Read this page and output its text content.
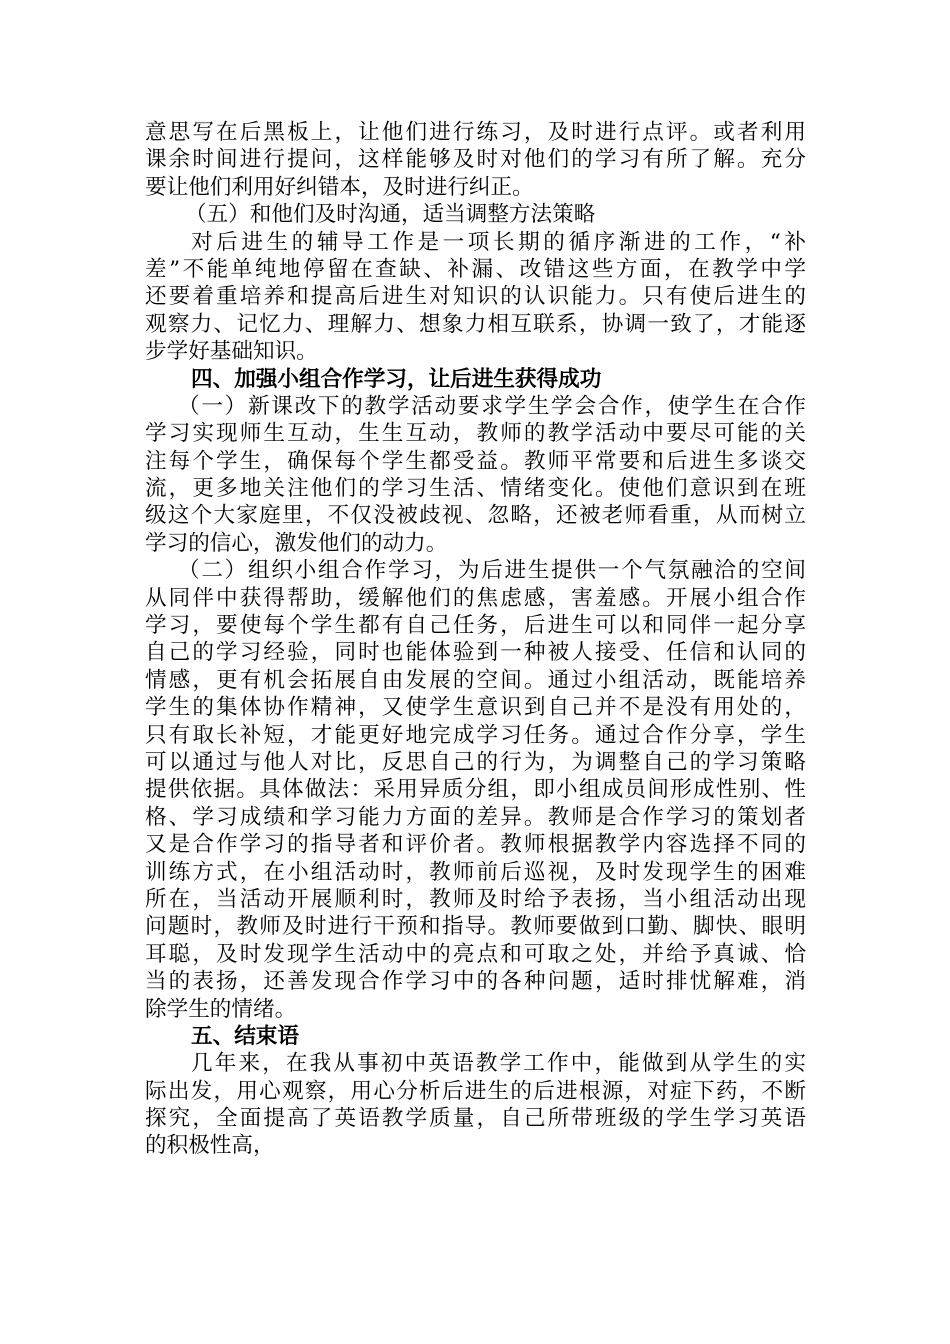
意思写在后黑板上，让他们进行练习，及时进行点评。或者利用
课余时间进行提问，这样能够及时对他们的学习有所了解。充分
要让他们利用好纠错本，及时进行纠正。
（五）和他们及时沟通，适当调整方法策略
对后进生的辅导工作是一项长期的循序渐进的工作，“补
差”不能单纯地停留在查缺、补漏、改错这些方面，在教学中学
还要着重培养和提高后进生对知识的认识能力。只有使后进生的
观察力、记忆力、理解力、想象力相互联系，协调一致了，才能逐
步学好基础知识。
四、加强小组合作学习，让后进生获得成功
（一）新课改下的教学活动要求学生学会合作，使学生在合作
学习实现师生互动，生生互动，教师的教学活动中要尽可能的关
注每个学生，确保每个学生都受益。教师平常要和后进生多谈交
流，更多地关注他们的学习生活、情绪变化。使他们意识到在班
级这个大家庭里，不仅没被歧视、忽略，还被老师看重，从而树立
学习的信心，激发他们的动力。
（二）组织小组合作学习，为后进生提供一个气氛融洽的空间
从同伴中获得帮助，缓解他们的焦虑感，害羞感。开展小组合作
学习，要使每个学生都有自己任务，后进生可以和同伴一起分享
自己的学习经验，同时也能体验到一种被人接受、任信和认同的
情感，更有机会拓展自由发展的空间。通过小组活动，既能培养
学生的集体协作精神，又使学生意识到自己并不是没有用处的，
只有取长补短，才能更好地完成学习任务。通过合作分享，学生
可以通过与他人对比，反思自己的行为，为调整自己的学习策略
提供依据。具体做法：采用异质分组，即小组成员间形成性别、性
格、学习成绩和学习能力方面的差异。教师是合作学习的策划者
又是合作学习的指导者和评价者。教师根据教学内容选择不同的
训练方式，在小组活动时，教师前后巡视，及时发现学生的困难
所在，当活动开展顺利时，教师及时给予表扬，当小组活动出现
问题时，教师及时进行干预和指导。教师要做到口勤、脚快、眼明
耳聪，及时发现学生活动中的亮点和可取之处，并给予真诚、恰
当的表扬，还善发现合作学习中的各种问题，适时排忧解难，消
除学生的情绪。
五、结束语
几年来，在我从事初中英语教学工作中，能做到从学生的实
际出发，用心观察，用心分析后进生的后进根源，对症下药，不断
探究，全面提高了英语教学质量，自己所带班级的学生学习英语
的积极性高，
